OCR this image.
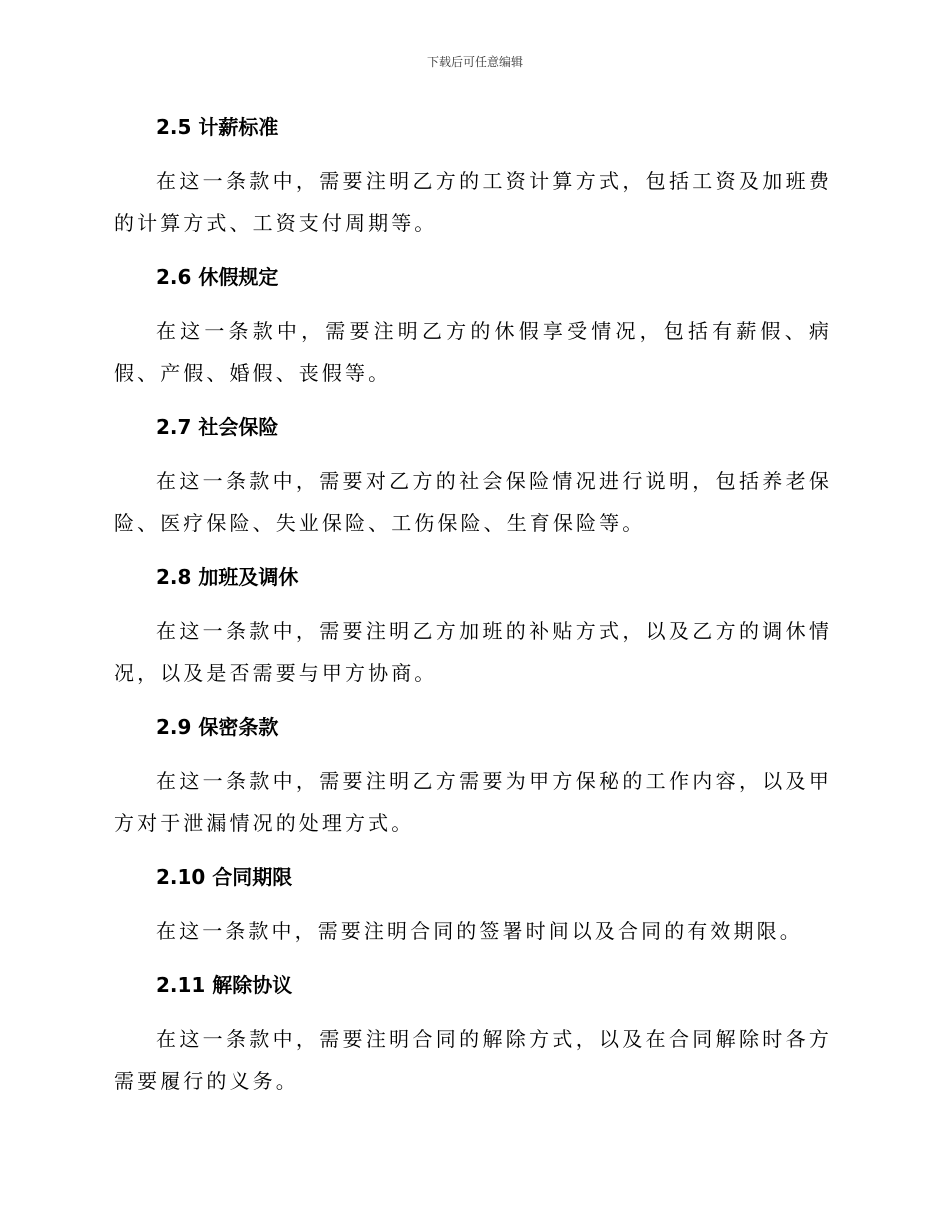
下载后可任意编辑

2.5 计薪标准

在这一条款中，需要注明乙方的工资计算方式，包括工资及加班费的计算方式、工资支付周期等。

2.6 休假规定

在这一条款中，需要注明乙方的休假享受情况，包括有薪假、病假、产假、婚假、丧假等。

2.7 社会保险

在这一条款中，需要对乙方的社会保险情况进行说明，包括养老保险、医疗保险、失业保险、工伤保险、生育保险等。

2.8 加班及调休

在这一条款中，需要注明乙方加班的补贴方式，以及乙方的调休情况，以及是否需要与甲方协商。

2.9 保密条款

在这一条款中，需要注明乙方需要为甲方保秘的工作内容，以及甲方对于泄漏情况的处理方式。

2.10 合同期限

在这一条款中，需要注明合同的签署时间以及合同的有效期限。

2.11 解除协议

在这一条款中，需要注明合同的解除方式，以及在合同解除时各方需要履行的义务。
